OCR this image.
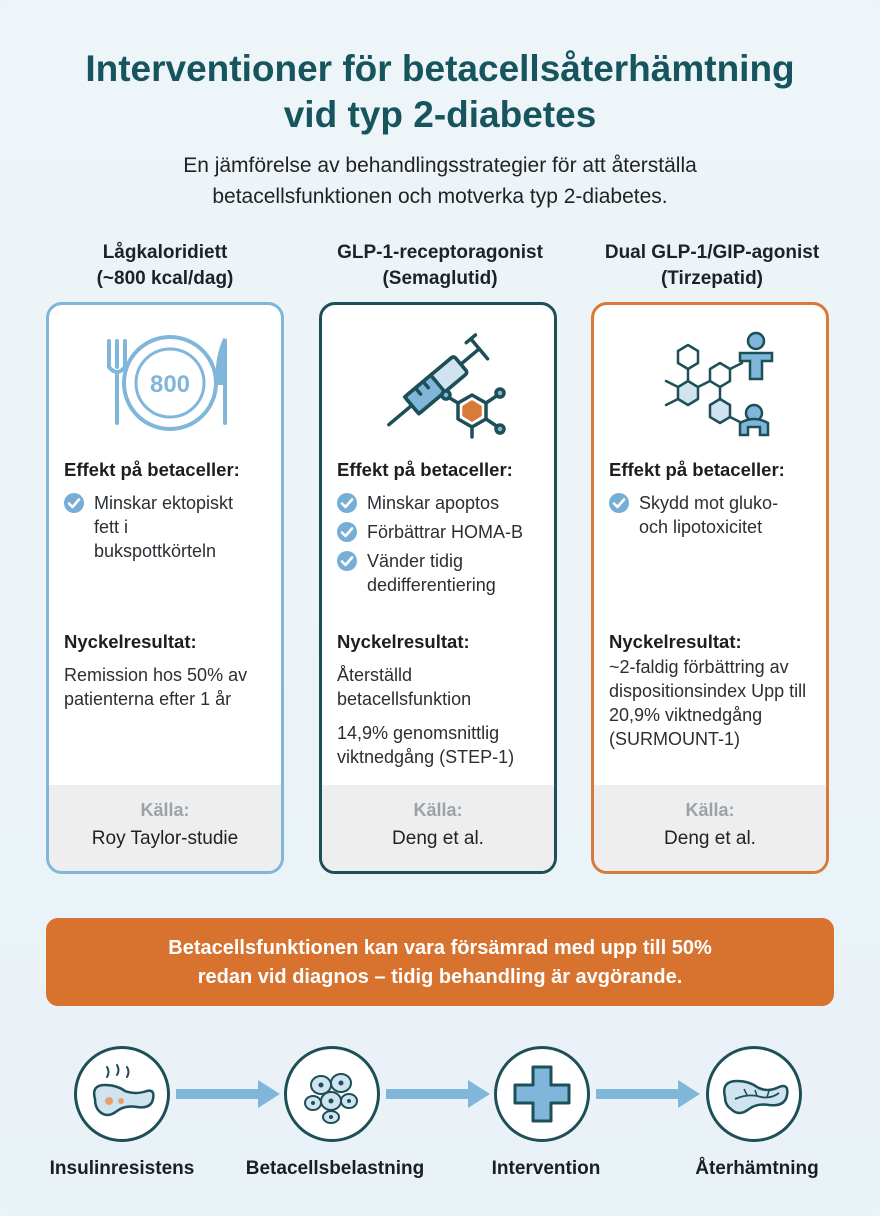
Interventioner för betacellsåterhämtning
vid typ 2-diabetes

En jämförelse av behandlingsstrategier för att återställa
betacellsfunktionen och motverka typ 2-diabetes.

Lågkaloridiett
(~800 kcal/dag)
GLP-1-receptoragonist
(Semaglutid)
Dual GLP-1/GIP-agonist
(Tirzepatid)
800

Effekt på betaceller:

Minskar ektopiskt fett i bukspottkörteln

Nyckelresultat:

Remission hos 50% av patienterna efter 1 år

Källa:
Roy Taylor-studie

Effekt på betaceller:

Minskar apoptos
Förbättrar HOMA-B
Vänder tidig dedifferentiering

Nyckelresultat:

Återställd betacellsfunktion

14,9% genomsnittlig viktnedgång (STEP-1)

Källa:
Deng et al.

Effekt på betaceller:

Skydd mot gluko- och lipotoxicitet

Nyckelresultat:

~2-faldig förbättring av dispositionsindex Upp till 20,9% viktnedgång (SURMOUNT-1)

Källa:
Deng et al.
Betacellsfunktionen kan vara försämrad med upp till 50%
redan vid diagnos – tidig behandling är avgörande.
Insulinresistens	Betacellsbelastning	Intervention	Återhämtning
